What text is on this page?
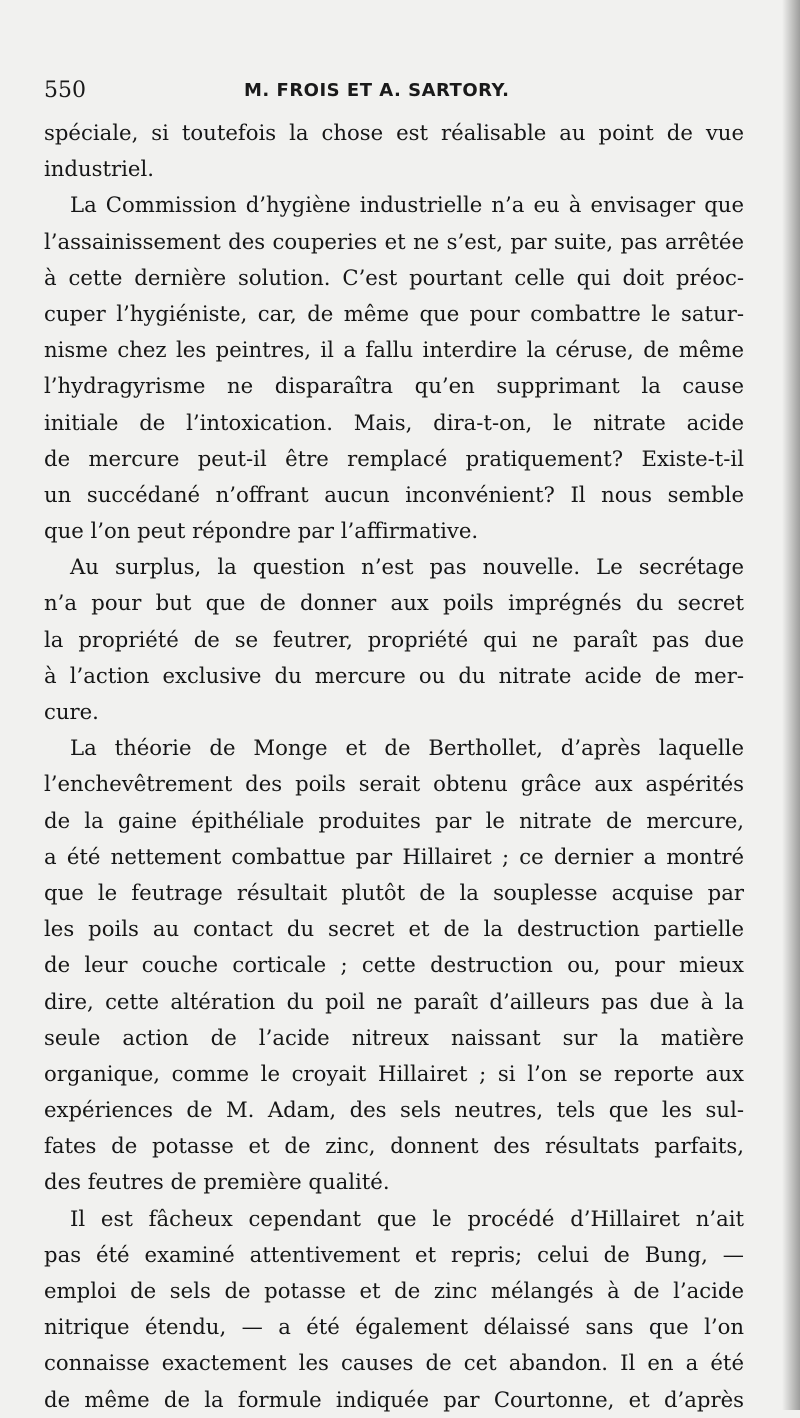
550	M. FROIS ET A. SARTORY.
spéciale, si toutefois la chose est réalisable au point de vue
industriel.
La Commission d’hygiène industrielle n’a eu à envisager que
l’assainissement des couperies et ne s’est, par suite, pas arrêtée
à cette dernière solution. C’est pourtant celle qui doit préoc-
cuper l’hygiéniste, car, de même que pour combattre le satur-
nisme chez les peintres, il a fallu interdire la céruse, de même
l’hydragyrisme ne disparaîtra qu’en supprimant la cause
initiale de l’intoxication. Mais, dira-t-on, le nitrate acide
de mercure peut-il être remplacé pratiquement? Existe-t-il
un succédané n’offrant aucun inconvénient? Il nous semble
que l’on peut répondre par l’affirmative.
Au surplus, la question n’est pas nouvelle. Le secrétage
n’a pour but que de donner aux poils imprégnés du secret
la propriété de se feutrer, propriété qui ne paraît pas due
à l’action exclusive du mercure ou du nitrate acide de mer-
cure.
La théorie de Monge et de Berthollet, d’après laquelle
l’enchevêtrement des poils serait obtenu grâce aux aspérités
de la gaine épithéliale produites par le nitrate de mercure,
a été nettement combattue par Hillairet ; ce dernier a montré
que le feutrage résultait plutôt de la souplesse acquise par
les poils au contact du secret et de la destruction partielle
de leur couche corticale ; cette destruction ou, pour mieux
dire, cette altération du poil ne paraît d’ailleurs pas due à la
seule action de l’acide nitreux naissant sur la matière
organique, comme le croyait Hillairet ; si l’on se reporte aux
expériences de M. Adam, des sels neutres, tels que les sul-
fates de potasse et de zinc, donnent des résultats parfaits,
des feutres de première qualité.
Il est fâcheux cependant que le procédé d’Hillairet n’ait
pas été examiné attentivement et repris; celui de Bung, —
emploi de sels de potasse et de zinc mélangés à de l’acide
nitrique étendu, — a été également délaissé sans que l’on
connaisse exactement les causes de cet abandon. Il en a été
de même de la formule indiquée par Courtonne, et d’après
